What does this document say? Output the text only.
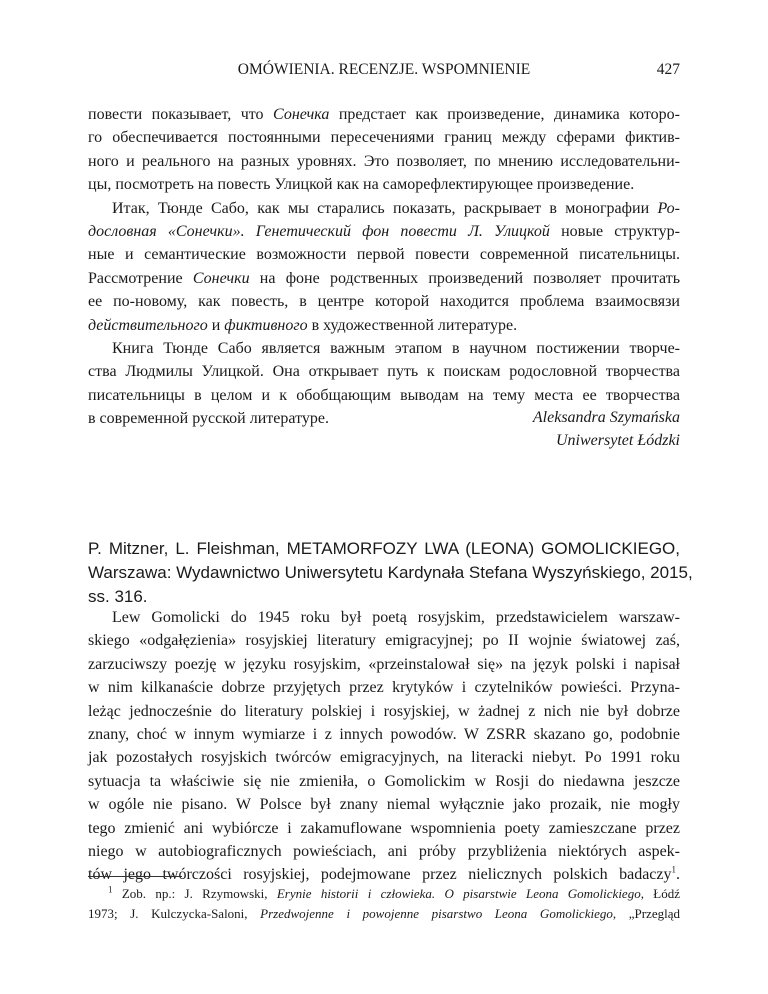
OMÓWIENIA. RECENZJE. WSPOMNIENIE	427
повести показывает, что Сонечка предстает как произведение, динамика которо-
го обеспечивается постоянными пересечениями границ между сферами фиктив-
ного и реального на разных уровнях. Это позволяет, по мнению исследовательни-
цы, посмотреть на повесть Улицкой как на саморефлектирующее произведение.
Итак, Тюнде Сабо, как мы старались показать, раскрывает в монографии Ро-
дословная «Сонечки». Генетический фон повести Л. Улицкой новые структур-
ные и семантические возможности первой повести современной писательницы.
Рассмотрение Сонечки на фоне родственных произведений позволяет прочитать
ее по-новому, как повесть, в центре которой находится проблема взаимосвязи
действительного и фиктивного в художественной литературе.
Книга Тюнде Сабо является важным этапом в научном постижении творче-
ства Людмилы Улицкой. Она открывает путь к поискам родословной творчества
писательницы в целом и к обобщающим выводам на тему места ее творчества
в современной русской литературе.	Aleksandra Szymańska
Uniwersytet Łódzki
P. Mitzner, L. Fleishman, METAMORFOZY LWA (LEONA) GOMOLICKIEGO,
Warszawa: Wydawnictwo Uniwersytetu Kardynała Stefana Wyszyńskiego, 2015,
ss. 316.
Lew Gomolicki do 1945 roku był poetą rosyjskim, przedstawicielem warszaw-
skiego «odgałęzienia» rosyjskiej literatury emigracyjnej; po II wojnie światowej zaś,
zarzuciwszy poezję w języku rosyjskim, «przeinstalował się» na język polski i napisał
w nim kilkanaście dobrze przyjętych przez krytyków i czytelników powieści. Przyna-
leżąc jednocześnie do literatury polskiej i rosyjskiej, w żadnej z nich nie był dobrze
znany, choć w innym wymiarze i z innych powodów. W ZSRR skazano go, podobnie
jak pozostałych rosyjskich twórców emigracyjnych, na literacki niebyt. Po 1991 roku
sytuacja ta właściwie się nie zmieniła, o Gomolickim w Rosji do niedawna jeszcze
w ogóle nie pisano. W Polsce był znany niemal wyłącznie jako prozaik, nie mogły
tego zmienić ani wybiórcze i zakamuflowane wspomnienia poety zamieszczane przez
niego w autobiograficznych powieściach, ani próby przybliżenia niektórych aspek-
tów jego twórczości rosyjskiej, podejmowane przez nielicznych polskich badaczy$^1$.
$^1$ Zob. np.: J. Rzymowski, Erynie historii i człowieka. O pisarstwie Leona Gomolickiego, Łódź
1973; J. Kulczycka-Saloni, Przedwojenne i powojenne pisarstwo Leona Gomolickiego, „Przegląd
